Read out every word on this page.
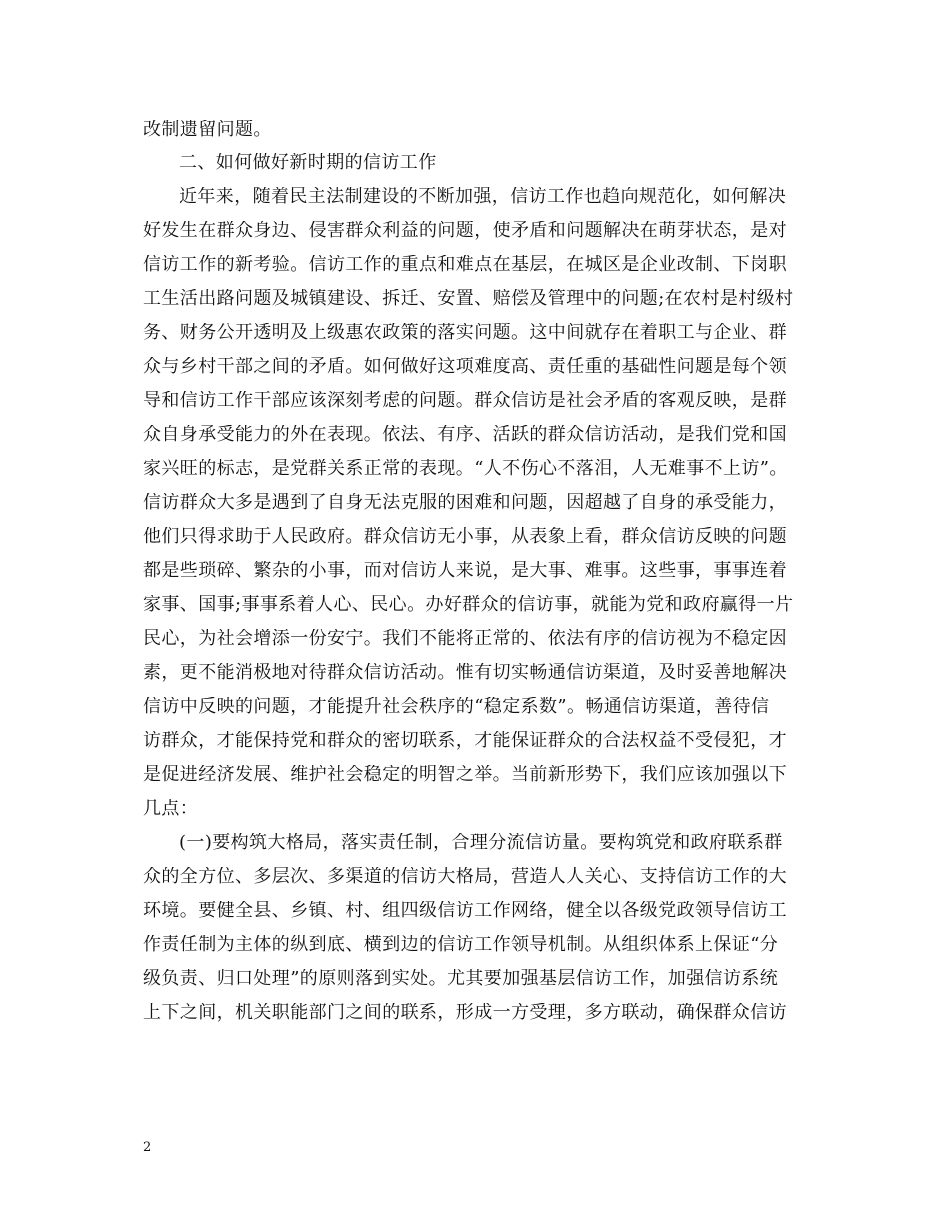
改制遗留问题。
二、如何做好新时期的信访工作
近年来，随着民主法制建设的不断加强，信访工作也趋向规范化，如何解决
好发生在群众身边、侵害群众利益的问题，使矛盾和问题解决在萌芽状态，是对
信访工作的新考验。信访工作的重点和难点在基层，在城区是企业改制、下岗职
工生活出路问题及城镇建设、拆迁、安置、赔偿及管理中的问题;在农村是村级村
务、财务公开透明及上级惠农政策的落实问题。这中间就存在着职工与企业、群
众与乡村干部之间的矛盾。如何做好这项难度高、责任重的基础性问题是每个领
导和信访工作干部应该深刻考虑的问题。群众信访是社会矛盾的客观反映，是群
众自身承受能力的外在表现。依法、有序、活跃的群众信访活动，是我们党和国
家兴旺的标志，是党群关系正常的表现。“人不伤心不落泪，人无难事不上访”。
信访群众大多是遇到了自身无法克服的困难和问题，因超越了自身的承受能力，
他们只得求助于人民政府。群众信访无小事，从表象上看，群众信访反映的问题
都是些琐碎、繁杂的小事，而对信访人来说，是大事、难事。这些事，事事连着
家事、国事;事事系着人心、民心。办好群众的信访事，就能为党和政府赢得一片
民心，为社会增添一份安宁。我们不能将正常的、依法有序的信访视为不稳定因
素，更不能消极地对待群众信访活动。惟有切实畅通信访渠道，及时妥善地解决
信访中反映的问题，才能提升社会秩序的“稳定系数”。畅通信访渠道，善待信
访群众，才能保持党和群众的密切联系，才能保证群众的合法权益不受侵犯，才
是促进经济发展、维护社会稳定的明智之举。当前新形势下，我们应该加强以下
几点：
(一)要构筑大格局，落实责任制，合理分流信访量。要构筑党和政府联系群
众的全方位、多层次、多渠道的信访大格局，营造人人关心、支持信访工作的大
环境。要健全县、乡镇、村、组四级信访工作网络，健全以各级党政领导信访工
作责任制为主体的纵到底、横到边的信访工作领导机制。从组织体系上保证“分
级负责、归口处理”的原则落到实处。尤其要加强基层信访工作，加强信访系统
上下之间，机关职能部门之间的联系，形成一方受理，多方联动，确保群众信访
2
